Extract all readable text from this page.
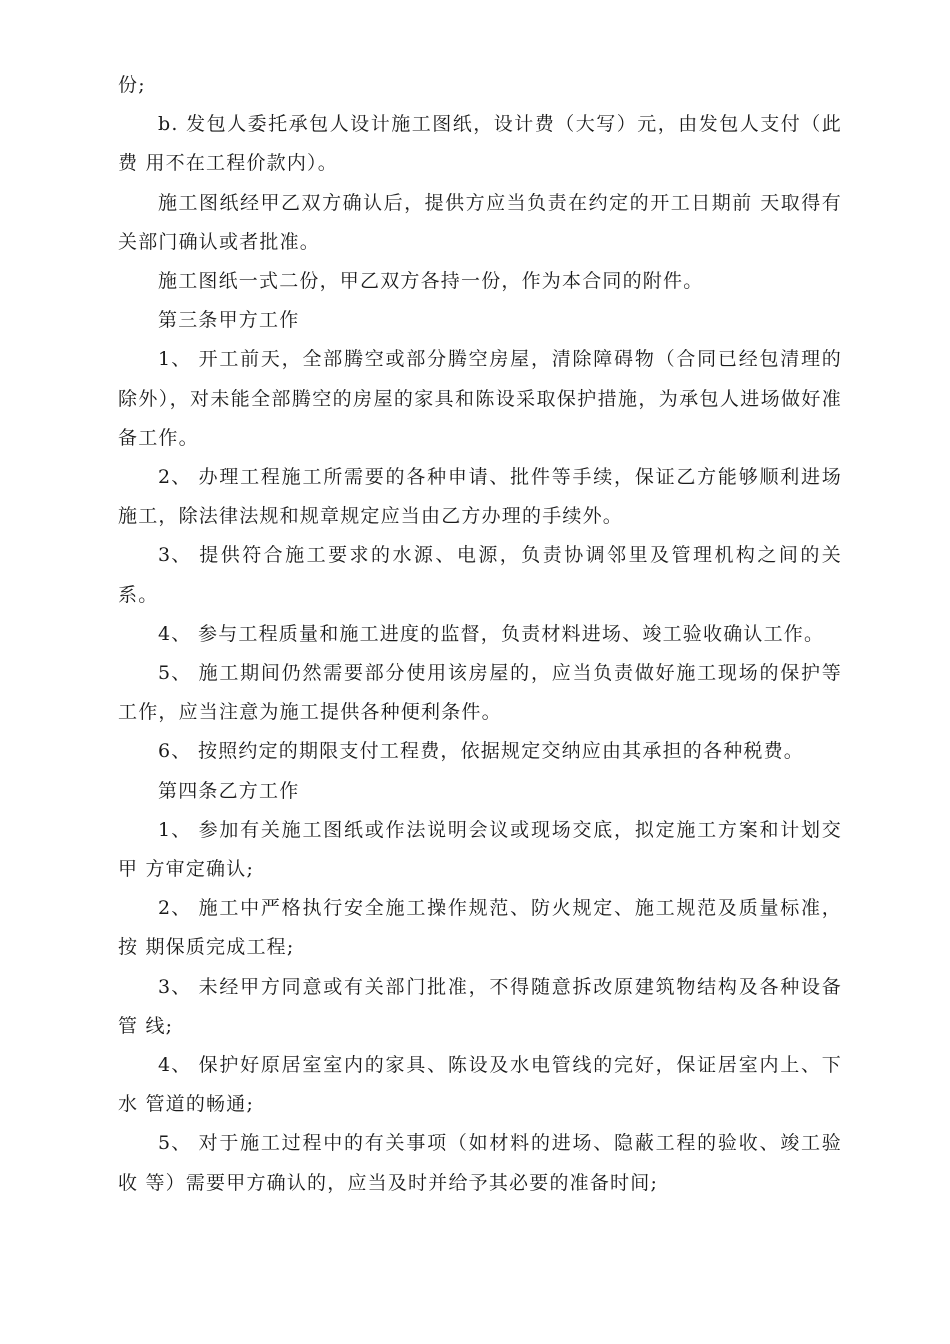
份;

b. 发包人委托承包人设计施工图纸，设计费（大写）元，由发包人支付（此费 用不在工程价款内）。

施工图纸经甲乙双方确认后，提供方应当负责在约定的开工日期前 天取得有关部门确认或者批准。

施工图纸一式二份，甲乙双方各持一份，作为本合同的附件。

第三条甲方工作

1、 开工前天，全部腾空或部分腾空房屋，清除障碍物（合同已经包清理的除外），对未能全部腾空的房屋的家具和陈设采取保护措施，为承包人进场做好准 备工作。

2、 办理工程施工所需要的各种申请、批件等手续，保证乙方能够顺利进场施工，除法律法规和规章规定应当由乙方办理的手续外。

3、 提供符合施工要求的水源、电源，负责协调邻里及管理机构之间的关系。

4、 参与工程质量和施工进度的监督，负责材料进场、竣工验收确认工作。

5、 施工期间仍然需要部分使用该房屋的，应当负责做好施工现场的保护等工作，应当注意为施工提供各种便利条件。

6、 按照约定的期限支付工程费，依据规定交纳应由其承担的各种税费。

第四条乙方工作

1、 参加有关施工图纸或作法说明会议或现场交底，拟定施工方案和计划交甲 方审定确认;

2、 施工中严格执行安全施工操作规范、防火规定、施工规范及质量标准，按 期保质完成工程;

3、 未经甲方同意或有关部门批准，不得随意拆改原建筑物结构及各种设备管 线;

4、 保护好原居室室内的家具、陈设及水电管线的完好，保证居室内上、下水 管道的畅通;

5、 对于施工过程中的有关事项（如材料的进场、隐蔽工程的验收、竣工验收 等）需要甲方确认的，应当及时并给予其必要的准备时间;
